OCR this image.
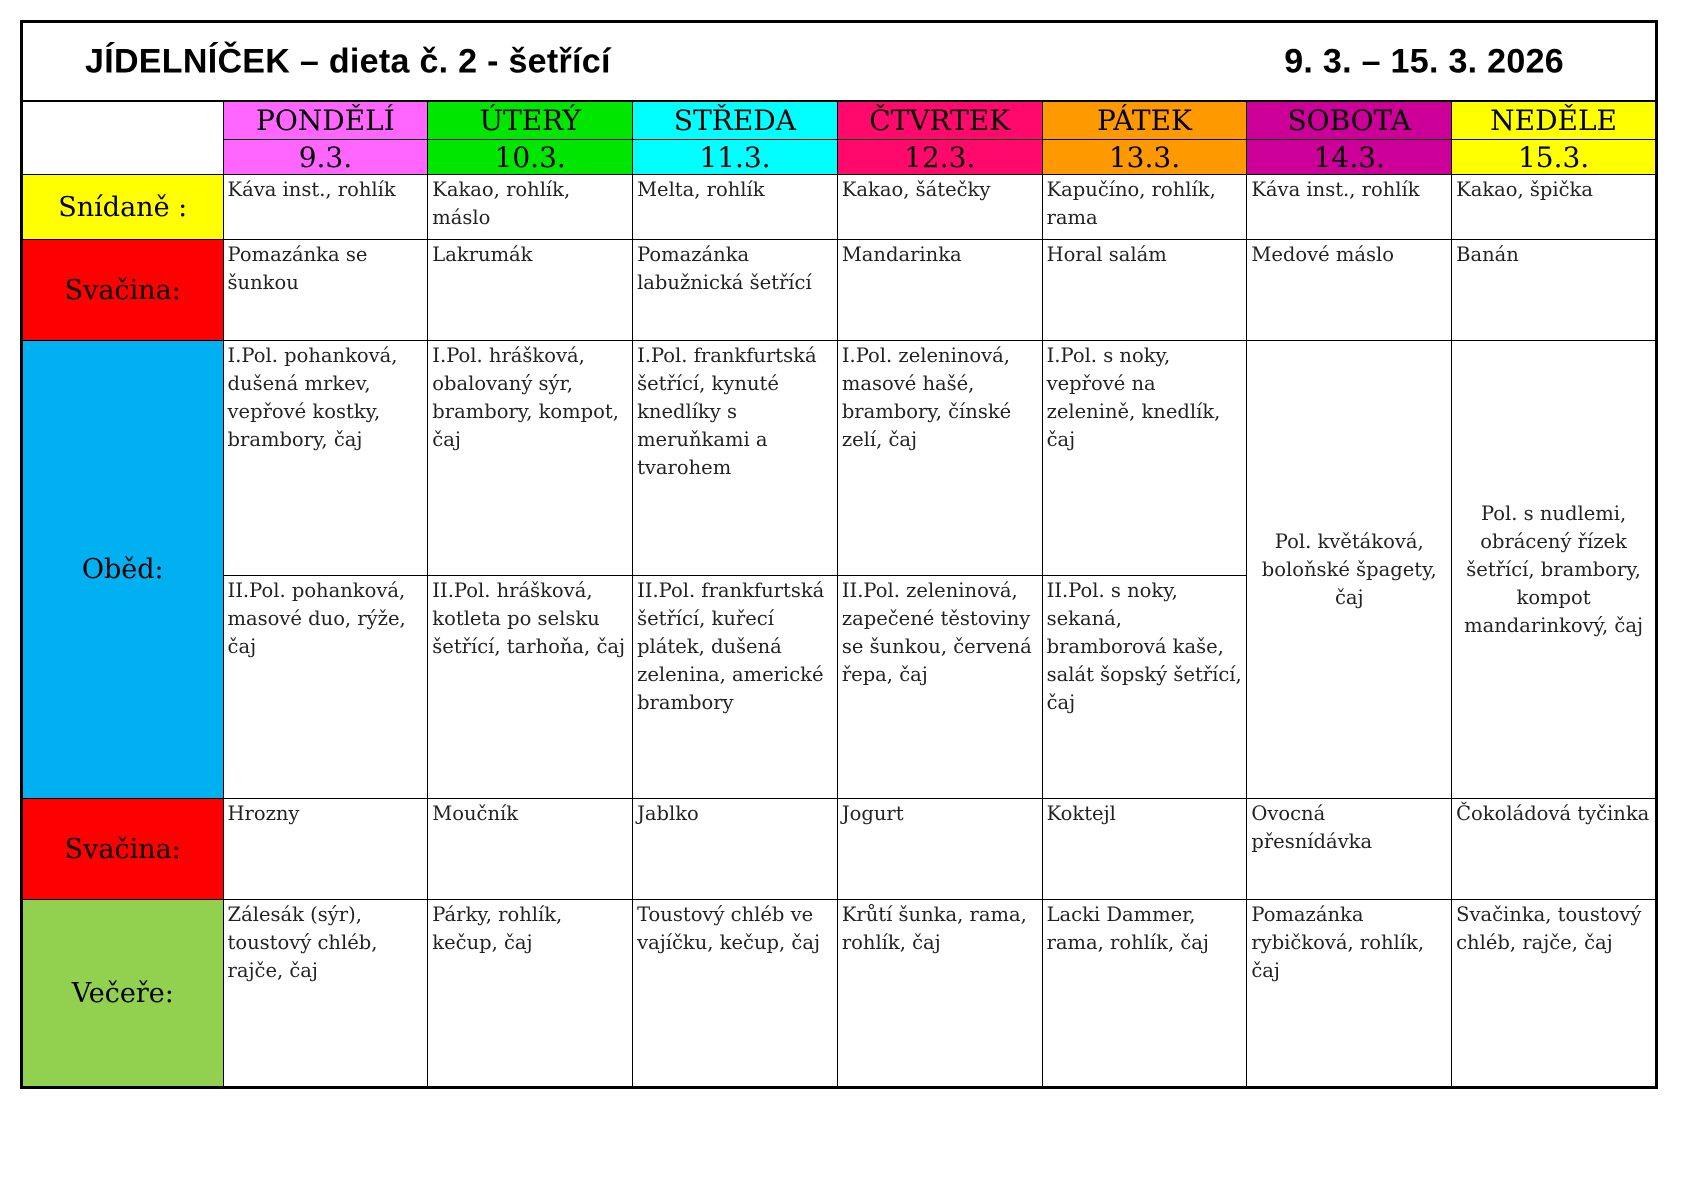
JÍDELNÍČEK – dieta č. 2 - šetřící 9. 3. – 15. 3. 2026							

	PONDĚLÍ	ÚTERÝ	STŘEDA	ČTVRTEK	PÁTEK	SOBOTA	NEDĚLE
	9.3.	10.3.	11.3.	12.3.	13.3.	14.3.	15.3.
Snídaně :	Káva inst., rohlík	Kakao, rohlík, máslo	Melta, rohlík	Kakao, šátečky	Kapučíno, rohlík, rama	Káva inst., rohlík	Kakao, špička

Svačina:	Pomazánka se šunkou	Lakrumák	Pomazánka labužnická šetřící	Mandarinka	Horal salám	Medové máslo	Banán

Oběd:	I.Pol. pohanková, dušená mrkev, vepřové kostky, brambory, čaj	I.Pol. hrášková, obalovaný sýr, brambory, kompot, čaj	I.Pol. frankfurtská šetřící, kynuté knedlíky s meruňkami a tvarohem	I.Pol. zeleninová, masové hašé, brambory, čínské zelí, čaj	I.Pol. s noky, vepřové na zelenině, knedlík, čaj	Pol. květáková, boloňské špagety, čaj	Pol. s nudlemi, obrácený řízek šetřící, brambory, kompot mandarinkový, čaj

	II.Pol. pohanková, masové duo, rýže, čaj	II.Pol. hrášková, kotleta po selsku šetřící, tarhoňa, čaj	II.Pol. frankfurtská šetřící, kuřecí plátek, dušená zelenina, americké brambory	II.Pol. zeleninová, zapečené těstoviny se šunkou, červená řepa, čaj	II.Pol. s noky, sekaná, bramborová kaše, salát šopský šetřící, čaj		

Svačina:	Hrozny	Moučník	Jablko	Jogurt	Koktejl	Ovocná přesnídávka	Čokoládová tyčinka

Večeře:	Zálesák (sýr), toustový chléb, rajče, čaj	Párky, rohlík, kečup, čaj	Toustový chléb ve vajíčku, kečup, čaj	Krůtí šunka, rama, rohlík, čaj	Lacki Dammer, rama, rohlík, čaj	Pomazánka rybičková, rohlík, čaj	Svačinka, toustový chléb, rajče, čaj
